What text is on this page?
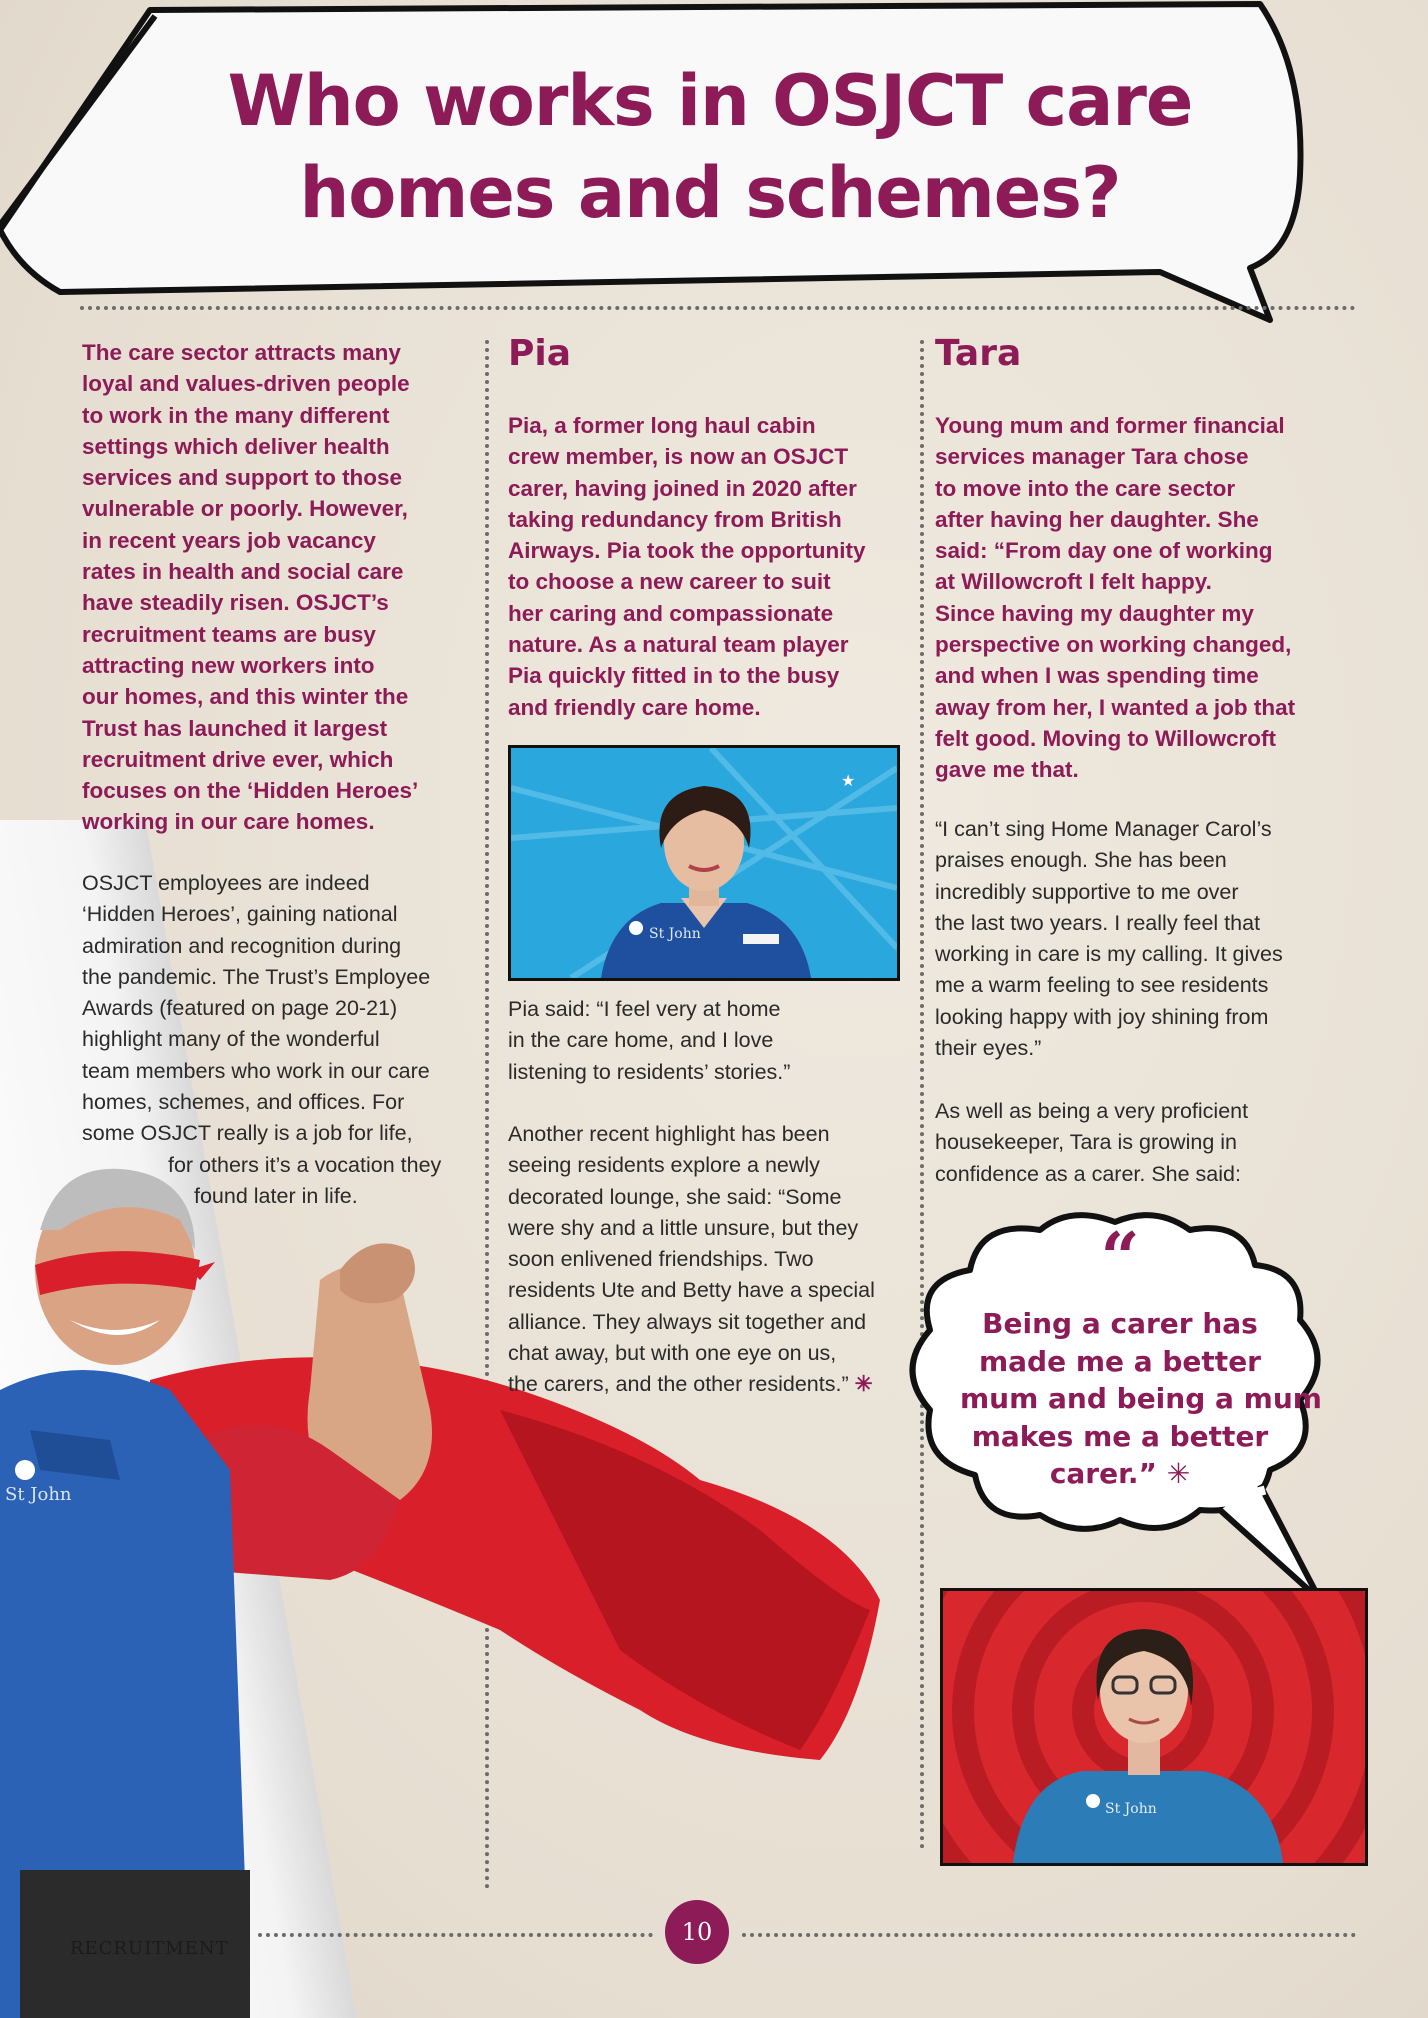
Who works in OSJCT care
homes and schemes?
St John

The care sector attracts many
loyal and values-driven people
to work in the many different
settings which deliver health
services and support to those
vulnerable or poorly. However,
in recent years job vacancy
rates in health and social care
have steadily risen. OSJCT’s
recruitment teams are busy
attracting new workers into
our homes, and this winter the
Trust has launched it largest
recruitment drive ever, which
focuses on the ‘Hidden Heroes’
working in our care homes.

OSJCT employees are indeed
‘Hidden Heroes’, gaining national
admiration and recognition during
the pandemic. The Trust’s Employee
Awards (featured on page 20-21)
highlight many of the wonderful
team members who work in our care
homes, schemes, and offices. For
some OSJCT really is a job for life,
for others it’s a vocation they
found later in life.

Pia

Pia, a former long haul cabin
crew member, is now an OSJCT
carer, having joined in 2020 after
taking redundancy from British
Airways. Pia took the opportunity
to choose a new career to suit
her caring and compassionate
nature. As a natural team player
Pia quickly fitted in to the busy
and friendly care home.

★
St John

Pia said: “I feel very at home
in the care home, and I love
listening to residents’ stories.”

Another recent highlight has been
seeing residents explore a newly
decorated lounge, she said: “Some
were shy and a little unsure, but they
soon enlivened friendships. Two
residents Ute and Betty have a special
alliance. They always sit together and
chat away, but with one eye on us,
the carers, and the other residents.” ✳

Tara

Young mum and former financial
services manager Tara chose
to move into the care sector
after having her daughter. She
said: “From day one of working
at Willowcroft I felt happy.
Since having my daughter my
perspective on working changed,
and when I was spending time
away from her, I wanted a job that
felt good. Moving to Willowcroft
gave me that.

“I can’t sing Home Manager Carol’s
praises enough. She has been
incredibly supportive to me over
the last two years. I really feel that
working in care is my calling. It gives
me a warm feeling to see residents
looking happy with joy shining from
their eyes.”

As well as being a very proficient
housekeeper, Tara is growing in
confidence as a carer. She said:

“

Being a carer has
made me a better
mum and being a mum
makes me a better
carer.” ✳

St John

RECRUITMENT

10
